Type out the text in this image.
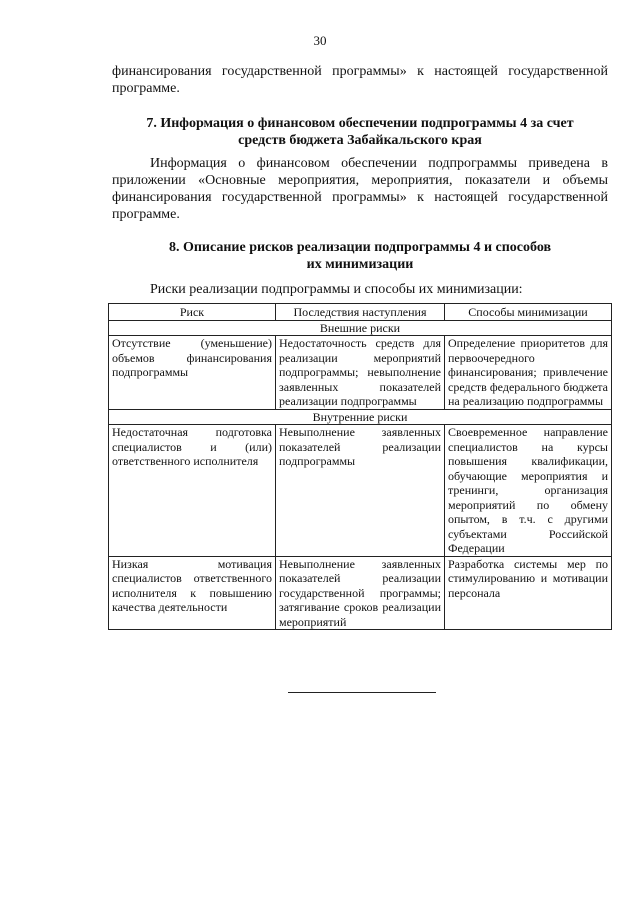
30

финансирования государственной программы» к настоящей государственной программе.

7. Информация о финансовом обеспечении подпрограммы 4 за счет
средств бюджета Забайкальского края

Информация о финансовом обеспечении подпрограммы приведена в приложении «Основные мероприятия, мероприятия, показатели и объемы финансирования государственной программы» к настоящей государственной программе.

8. Описание рисков реализации подпрограммы 4 и способов
их минимизации

Риски реализации подпрограммы и способы их минимизации:

Риск	Последствия наступления	Способы минимизации
Внешние риски		
Отсутствие (уменьшение) объемов финансирования подпрограммы	Недостаточность средств для реализации мероприятий подпрограммы; невыполнение заявленных показателей реализации подпрограммы	Определение приоритетов для первоочередного финансирования; привлечение средств федерального бюджета на реализацию подпрограммы
Внутренние риски		
Недостаточная подготовка специалистов и (или) ответственного исполнителя	Невыполнение заявленных показателей реализации подпрограммы	Своевременное направление специалистов на курсы повышения квалификации, обучающие мероприятия и тренинги, организация мероприятий по обмену опытом, в т.ч. с другими субъектами Российской Федерации
Низкая мотивация специалистов ответственного исполнителя к повышению качества деятельности	Невыполнение заявленных показателей реализации государственной программы; затягивание сроков реализации мероприятий	Разработка системы мер по стимулированию и мотивации персонала
